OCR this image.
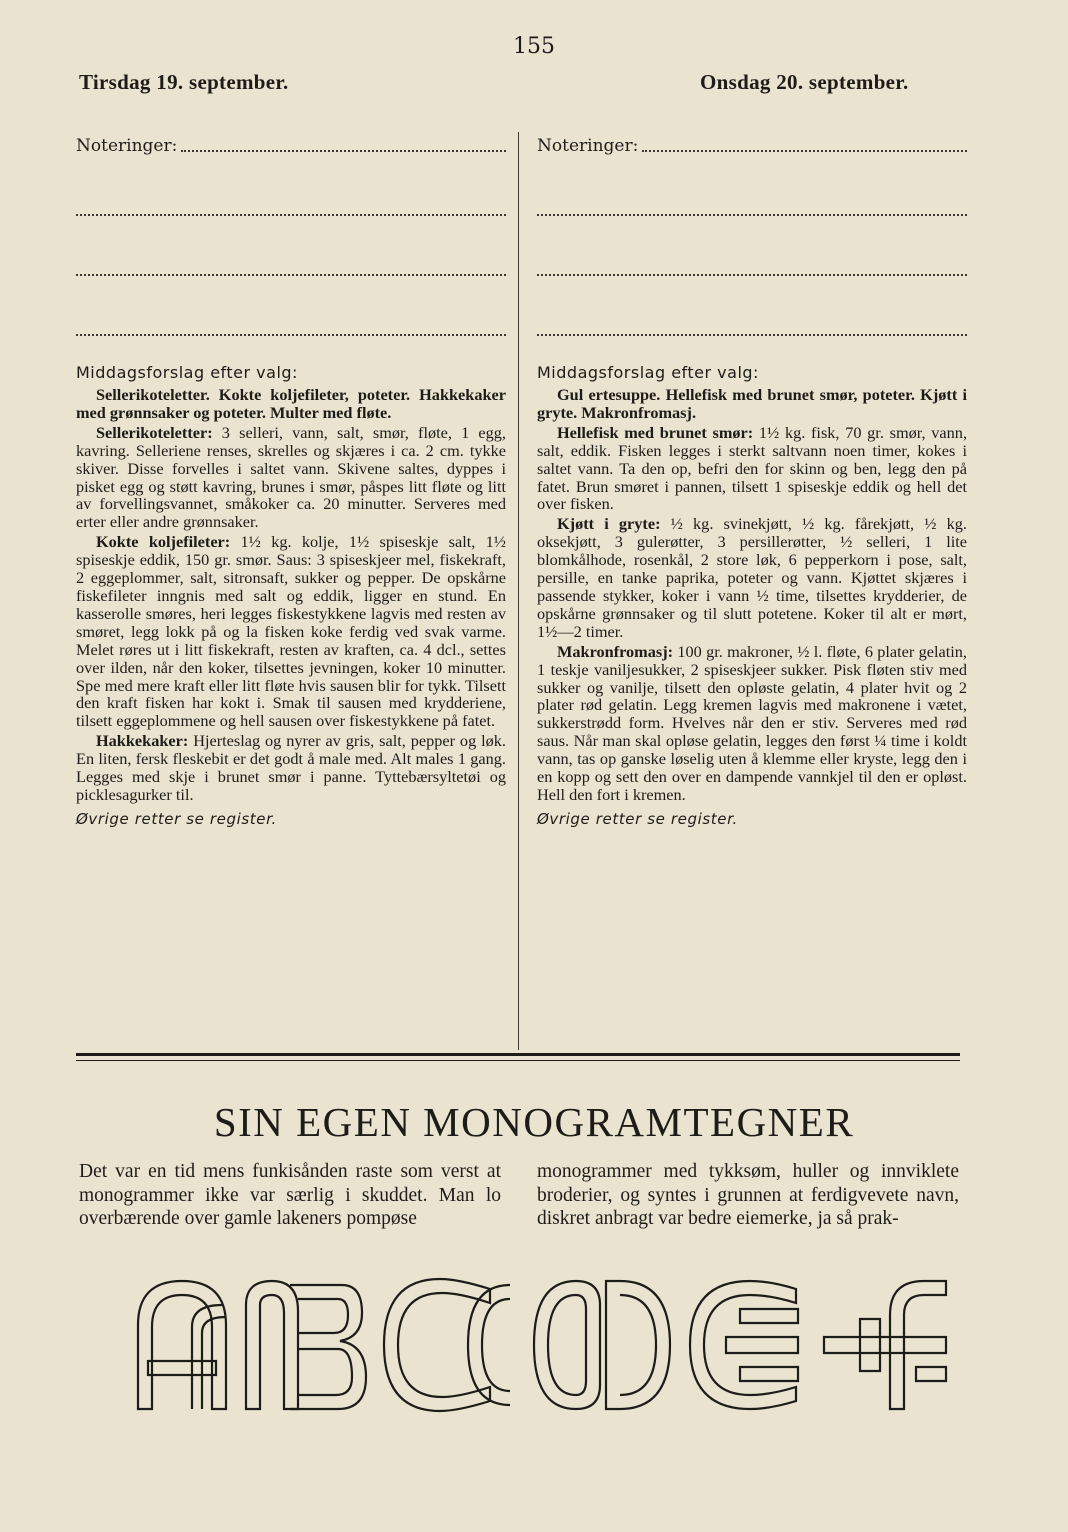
155
Tirsdag 19. september.	Onsdag 20. september.
Noteringer:
Middagsforslag efter valg:

Sellerikoteletter. Kokte koljefileter, poteter. Hakkekaker med grønnsaker og poteter. Multer med fløte.

Sellerikoteletter: 3 selleri, vann, salt, smør, fløte, 1 egg, kavring. Selleriene renses, skrelles og skjæres i ca. 2 cm. tykke skiver. Disse forvelles i saltet vann. Skivene saltes, dyppes i pisket egg og støtt kavring, brunes i smør, påspes litt fløte og litt av forvellingsvannet, småkoker ca. 20 minutter. Serveres med erter eller andre grønnsaker.

Kokte koljefileter: 1½ kg. kolje, 1½ spiseskje salt, 1½ spiseskje eddik, 150 gr. smør. Saus: 3 spiseskjeer mel, fiskekraft, 2 eggeplommer, salt, sitronsaft, sukker og pepper. De opskårne fiskefileter inngnis med salt og eddik, ligger en stund. En kasserolle smøres, heri legges fiskestykkene lagvis med resten av smøret, legg lokk på og la fisken koke ferdig ved svak varme. Melet røres ut i litt fiskekraft, resten av kraften, ca. 4 dcl., settes over ilden, når den koker, tilsettes jevningen, koker 10 minutter. Spe med mere kraft eller litt fløte hvis sausen blir for tykk. Tilsett den kraft fisken har kokt i. Smak til sausen med krydderiene, tilsett eggeplommene og hell sausen over fiskestykkene på fatet.

Hakkekaker: Hjerteslag og nyrer av gris, salt, pepper og løk. En liten, fersk fleskebit er det godt å male med. Alt males 1 gang. Legges med skje i brunet smør i panne. Tyttebærsyltetøi og picklesagurker til.

Øvrige retter se register.
Noteringer:
Middagsforslag efter valg:

Gul ertesuppe. Hellefisk med brunet smør, poteter. Kjøtt i gryte. Makronfromasj.

Hellefisk med brunet smør: 1½ kg. fisk, 70 gr. smør, vann, salt, eddik. Fisken legges i sterkt saltvann noen timer, kokes i saltet vann. Ta den op, befri den for skinn og ben, legg den på fatet. Brun smøret i pannen, tilsett 1 spiseskje eddik og hell det over fisken.

Kjøtt i gryte: ½ kg. svinekjøtt, ½ kg. fårekjøtt, ½ kg. oksekjøtt, 3 gulerøtter, 3 persillerøtter, ½ selleri, 1 lite blomkålhode, rosenkål, 2 store løk, 6 pepperkorn i pose, salt, persille, en tanke paprika, poteter og vann. Kjøttet skjæres i passende stykker, koker i vann ½ time, tilsettes krydderier, de opskårne grønnsaker og til slutt potetene. Koker til alt er mørt, 1½—2 timer.

Makronfromasj: 100 gr. makroner, ½ l. fløte, 6 plater gelatin, 1 teskje vaniljesukker, 2 spiseskjeer sukker. Pisk fløten stiv med sukker og vanilje, tilsett den opløste gelatin, 4 plater hvit og 2 plater rød gelatin. Legg kremen lagvis med makronene i vætet, sukkerstrødd form. Hvelves når den er stiv. Serveres med rød saus. Når man skal opløse gelatin, legges den først ¼ time i koldt vann, tas op ganske løselig uten å klemme eller kryste, legg den i en kopp og sett den over en dampende vannkjel til den er opløst. Hell den fort i kremen.

Øvrige retter se register.
SIN EGEN MONOGRAMTEGNER
Det var en tid mens funkisånden raste som verst at monogrammer ikke var særlig i skuddet. Man lo overbærende over gamle lakeners pompøse
monogrammer med tykksøm, huller og innviklete broderier, og syntes i grunnen at ferdigvevete navn, diskret anbragt var bedre eiemerke, ja så prak-
